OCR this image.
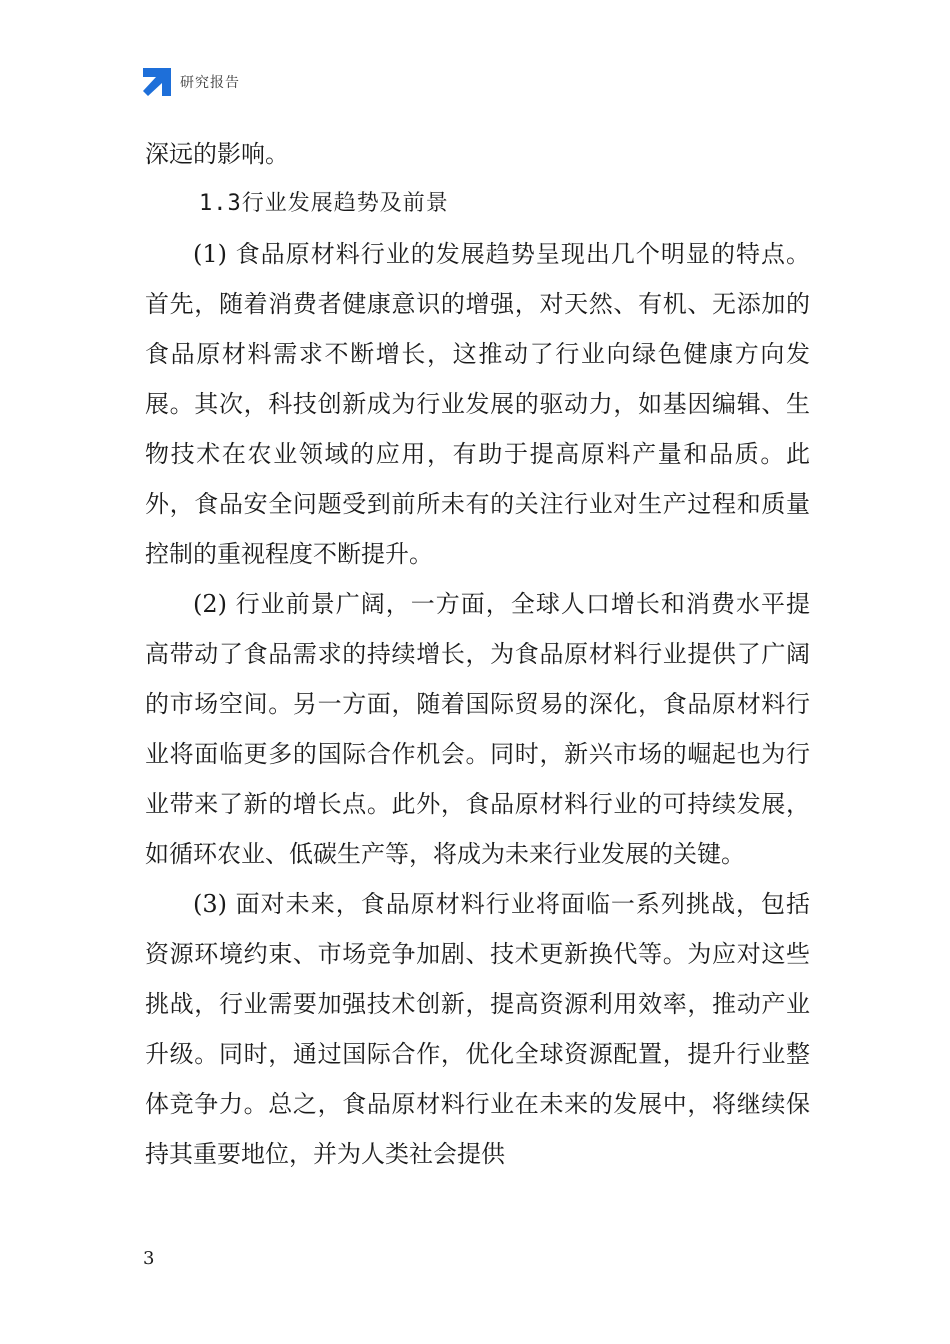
研究报告

深远的影响。

1.3行业发展趋势及前景

(1) 食品原材料行业的发展趋势呈现出几个明显的特点。首先，随着消费者健康意识的增强，对天然、有机、无添加的食品原材料需求不断增长，这推动了行业向绿色健康方向发展。其次，科技创新成为行业发展的驱动力，如基因编辑、生物技术在农业领域的应用，有助于提高原料产量和品质。此外，食品安全问题受到前所未有的关注行业对生产过程和质量控制的重视程度不断提升。

(2) 行业前景广阔，一方面，全球人口增长和消费水平提高带动了食品需求的持续增长，为食品原材料行业提供了广阔的市场空间。另一方面，随着国际贸易的深化，食品原材料行业将面临更多的国际合作机会。同时，新兴市场的崛起也为行业带来了新的增长点。此外，食品原材料行业的可持续发展，如循环农业、低碳生产等，将成为未来行业发展的关键。

(3) 面对未来，食品原材料行业将面临一系列挑战，包括资源环境约束、市场竞争加剧、技术更新换代等。为应对这些挑战，行业需要加强技术创新，提高资源利用效率，推动产业升级。同时，通过国际合作，优化全球资源配置，提升行业整体竞争力。总之，食品原材料行业在未来的发展中，将继续保持其重要地位，并为人类社会提供

3
